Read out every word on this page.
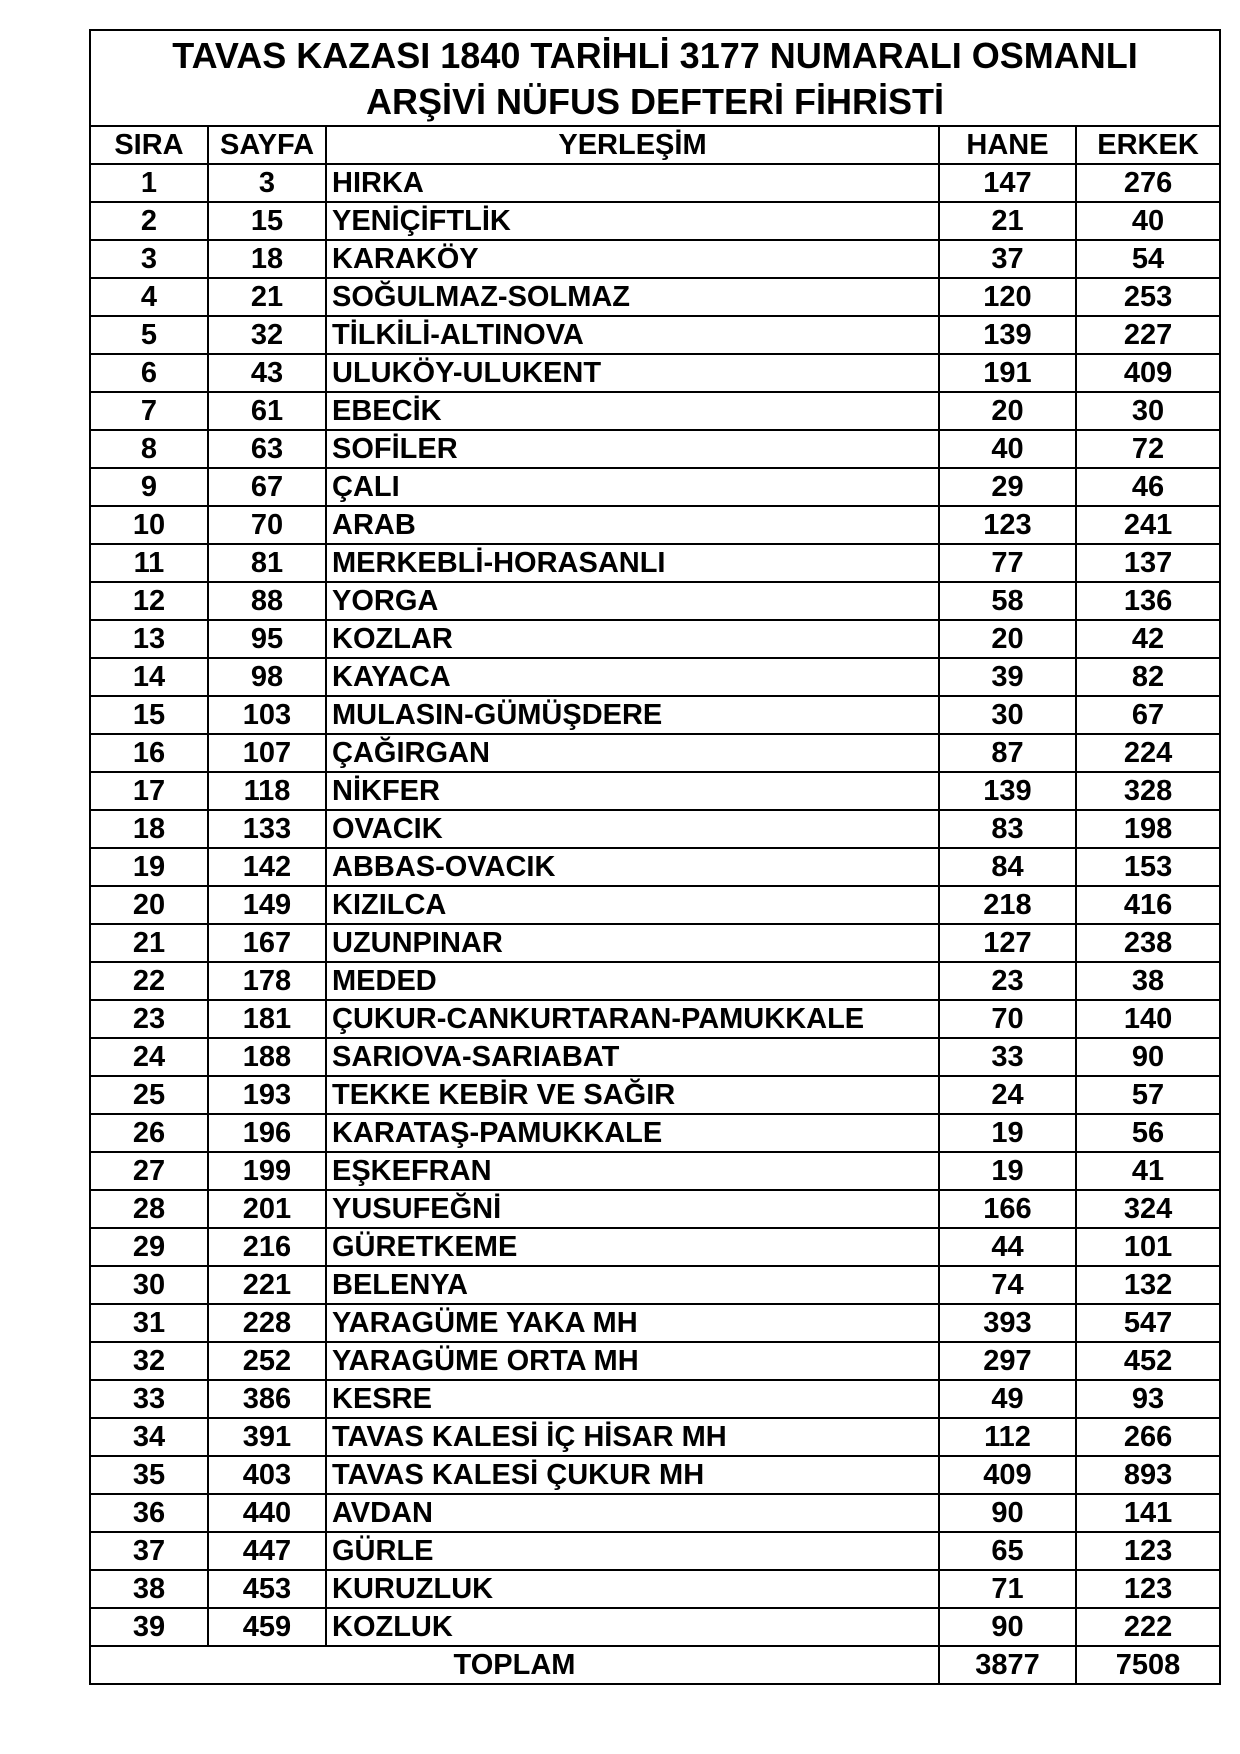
TAVAS KAZASI 1840 TARİHLİ 3177 NUMARALI OSMANLI
ARŞİVİ NÜFUS DEFTERİ FİHRİSTİ				

SIRA	SAYFA	YERLEŞİM	HANE	ERKEK
1	3	HIRKA	147	276
2	15	YENİÇİFTLİK	21	40
3	18	KARAKÖY	37	54
4	21	SOĞULMAZ-SOLMAZ	120	253
5	32	TİLKİLİ-ALTINOVA	139	227
6	43	ULUKÖY-ULUKENT	191	409
7	61	EBECİK	20	30
8	63	SOFİLER	40	72
9	67	ÇALI	29	46
10	70	ARAB	123	241
11	81	MERKEBLİ-HORASANLI	77	137
12	88	YORGA	58	136
13	95	KOZLAR	20	42
14	98	KAYACA	39	82
15	103	MULASIN-GÜMÜŞDERE	30	67
16	107	ÇAĞIRGAN	87	224
17	118	NİKFER	139	328
18	133	OVACIK	83	198
19	142	ABBAS-OVACIK	84	153
20	149	KIZILCA	218	416
21	167	UZUNPINAR	127	238
22	178	MEDED	23	38
23	181	ÇUKUR-CANKURTARAN-PAMUKKALE	70	140
24	188	SARIOVA-SARIABAT	33	90
25	193	TEKKE KEBİR VE SAĞIR	24	57
26	196	KARATAŞ-PAMUKKALE	19	56
27	199	EŞKEFRAN	19	41
28	201	YUSUFEĞNİ	166	324
29	216	GÜRETKEME	44	101
30	221	BELENYA	74	132
31	228	YARAGÜME YAKA MH	393	547
32	252	YARAGÜME ORTA MH	297	452
33	386	KESRE	49	93
34	391	TAVAS KALESİ İÇ HİSAR MH	112	266
35	403	TAVAS KALESİ ÇUKUR MH	409	893
36	440	AVDAN	90	141
37	447	GÜRLE	65	123
38	453	KURUZLUK	71	123
39	459	KOZLUK	90	222
TOPLAM			3877	7508
